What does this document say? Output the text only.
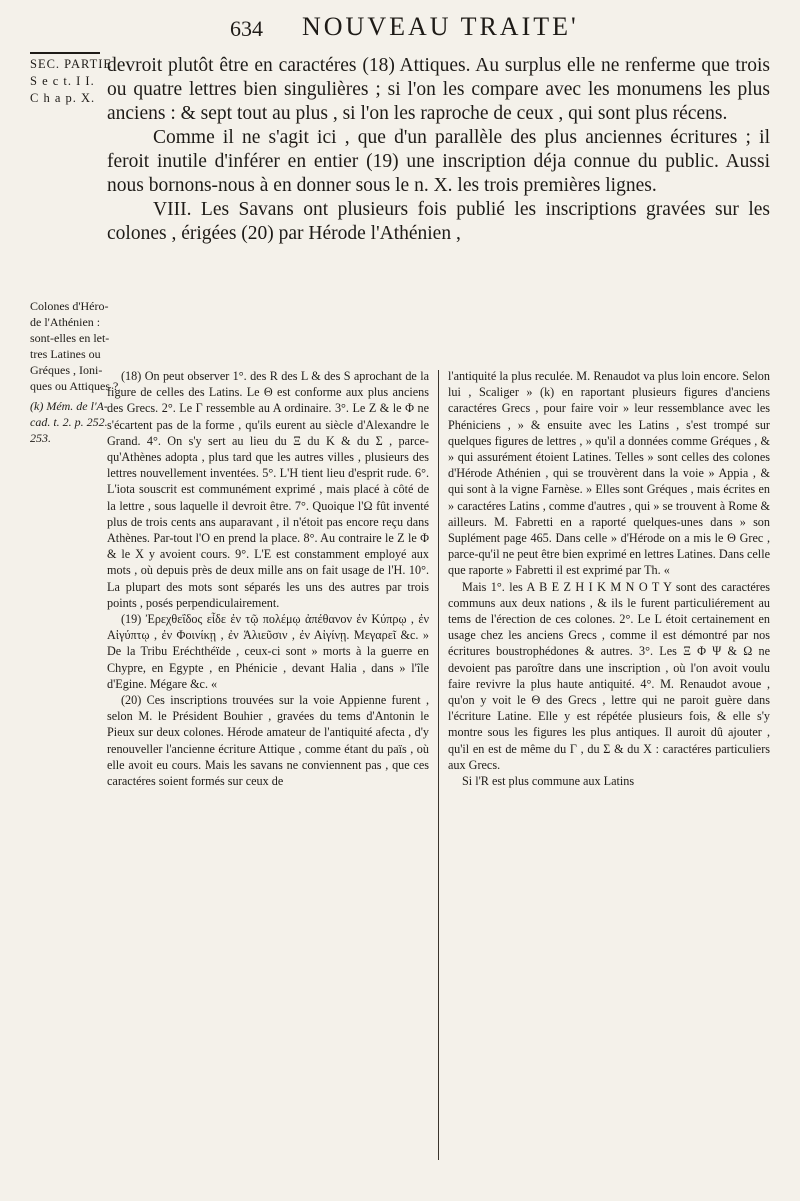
634 NOUVEAU TRAITE'
SEC. PARTIE
S e c t. I I.
C h a p. X.

devroit plutôt être en caractéres (18) Attiques. Au surplus elle ne renferme que trois ou quatre lettres bien singulières ; si l'on les compare avec les monumens les plus anciens : & sept tout au plus , si l'on les raproche de ceux , qui sont plus récens.

Comme il ne s'agit ici , que d'un parallèle des plus anciennes écritures ; il feroit inutile d'inférer en entier (19) une inscription déja connue du public. Aussi nous bornons-nous à en donner sous le n. X. les trois premières lignes.

VIII. Les Savans ont plusieurs fois publié les inscriptions gravées sur les colones , érigées (20) par Hérode l'Athénien ,

Colones d'Héro-
de l'Athénien :
sont-elles en let-
tres Latines ou
Gréques , Ioni-
ques ou Attiques ?
(k) Mém. de l'A-
cad. t. 2. p. 252.
253.

(18) On peut observer 1°. des R des L & des S aprochant de la figure de celles des Latins. Le Θ est conforme aux plus anciens des Grecs. 2°. Le Γ ressemble au A ordinaire. 3°. Le Z & le Φ ne s'écartent pas de la forme , qu'ils eurent au siècle d'Alexandre le Grand. 4°. On s'y sert au lieu du Ξ du K & du Σ , parce-qu'Athènes adopta , plus tard que les autres villes , plusieurs des lettres nouvellement inventées. 5°. L'H tient lieu d'esprit rude. 6°. L'iota souscrit est communément exprimé , mais placé à côté de la lettre , sous laquelle il devroit être. 7°. Quoique l'Ω fût inventé plus de trois cents ans auparavant , il n'étoit pas encore reçu dans Athènes. Par-tout l'O en prend la place. 8°. Au contraire le Z le Φ & le X y avoient cours. 9°. L'E est constamment employé aux mots , où depuis près de deux mille ans on fait usage de l'H. 10°. La plupart des mots sont séparés les uns des autres par trois points , posés perpendiculairement.

(19) Ἐρεχθεΐδος εἶδε ἐν τῷ πολέμῳ ἀπέθανον ἐν Κύπρῳ , ἐν Αἰγύπτῳ , ἐν Φοινίκῃ , ἐν Ἁλιεῦσιν , ἐν Αἰγίνῃ. Μεγαρεῖ &c. » De la Tribu Eréchthéïde , ceux-ci sont » morts à la guerre en Chypre, en Egypte , en Phénicie , devant Halia , dans » l'île d'Egine. Mégare &c. «

(20) Ces inscriptions trouvées sur la voie Appienne furent , selon M. le Président Bouhier , gravées du tems d'Antonin le Pieux sur deux colones. Hérode amateur de l'antiquité afecta , d'y renouveller l'ancienne écriture Attique , comme étant du païs , où elle avoit eu cours. Mais les savans ne conviennent pas , que ces caractéres soient formés sur ceux de

l'antiquité la plus reculée. M. Renaudot va plus loin encore. Selon lui , Scaliger » (k) en raportant plusieurs figures d'anciens caractéres Grecs , pour faire voir » leur ressemblance avec les Phéniciens , » & ensuite avec les Latins , s'est trompé sur quelques figures de lettres , » qu'il a données comme Gréques , & » qui assurément étoient Latines. Telles » sont celles des colones d'Hérode Athénien , qui se trouvèrent dans la voie » Appia , & qui sont à la vigne Farnèse. » Elles sont Gréques , mais écrites en » caractéres Latins , comme d'autres , qui » se trouvent à Rome & ailleurs. M. Fabretti en a raporté quelques-unes dans » son Suplément page 465. Dans celle » d'Hérode on a mis le Θ Grec , parce-qu'il ne peut être bien exprimé en lettres Latines. Dans celle que raporte » Fabretti il est exprimé par Th. «

Mais 1°. les A B E Z H I K M N O T Y sont des caractéres communs aux deux nations , & ils le furent particuliérement au tems de l'érection de ces colones. 2°. Le L étoit certainement en usage chez les anciens Grecs , comme il est démontré par nos écritures boustrophédones & autres. 3°. Les Ξ Φ Ψ & Ω ne devoient pas paroître dans une inscription , où l'on avoit voulu faire revivre la plus haute antiquité. 4°. M. Renaudot avoue , qu'on y voit le Θ des Grecs , lettre qui ne paroit guère dans l'écriture Latine. Elle y est répétée plusieurs fois, & elle s'y montre sous les figures les plus antiques. Il auroit dû ajouter , qu'il en est de même du Γ , du Σ & du X : caractéres particuliers aux Grecs.

Si l'R est plus commune aux Latins
